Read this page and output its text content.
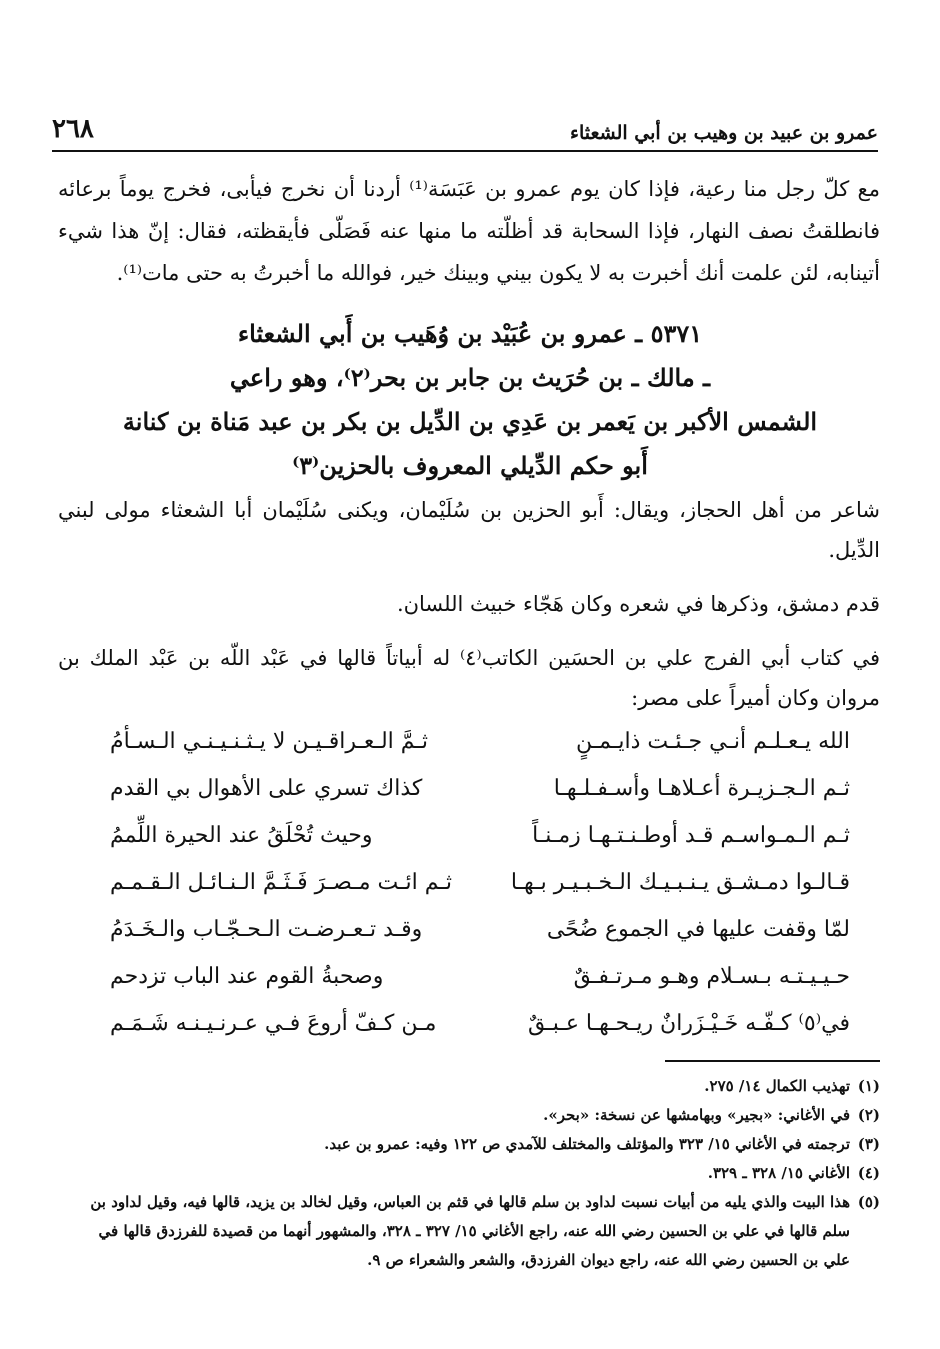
عمرو بن عبيد بن وهيب بن أبي الشعثاء
٢٦٨
مع كلّ رجل منا رعية، فإذا كان يوم عمرو بن عَبَسَة⁽¹⁾ أردنا أن نخرج فيأبى، فخرج يوماً برعائه فانطلقتُ نصف النهار، فإذا السحابة قد أظلّته ما منها عنه فَصَلّى فأيقظته، فقال: إنّ هذا شيء أتينابه، لئن علمت أنك أخبرت به لا يكون بيني وبينك خير، فوالله ما أخبرتُ به حتى مات⁽¹⁾.
٥٣٧١ ـ عمرو بن عُبَيْد بن وُهَيب بن أَبي الشعثاء
ـ مالك ـ بن حُرَيث بن جابر بن بحر⁽٢⁾، وهو راعي
الشمس الأكبر بن يَعمر بن عَدِي بن الدِّيل بن بكر بن عبد مَناة بن كنانة
أَبو حكم الدِّيلي المعروف بالحزين⁽٣⁾

شاعر من أهل الحجاز، ويقال: أَبو الحزين بن سُلَيْمان، ويكنى سُلَيْمان أبا الشعثاء مولى لبني الدِّيل.

قدم دمشق، وذكرها في شعره وكان هَجّاء خبيث اللسان.

في كتاب أبي الفرج علي بن الحسَين الكاتب⁽٤⁾ له أبياتاً قالها في عَبْد اللّه بن عَبْد الملك بن مروان وكان أميراً على مصر:

الله يـعـلـم أنـي جـئـت ذايـمـنٍ
ثـمَّ الـعـراقـيـن لا يـثـنـيـنـي الـسـأمُ
ثـم الـجـزيـرة أعـلاهـا وأسـفـلـهـا
كذاك تسري على الأهوال بي القدم
ثـم الـمـواسـم قـد أوطـنـتـهـا زمـنـاً
وحيث تُحْلَقُ عند الحيرة اللِّممُ
قـالـوا دمـشـق يـنـبـيـك الـخـبـيـر بـهـا
ثـم ائـت مـصـرَ فَـثَـمَّ الـنـائـل الـقـمـم
لمّا وقفت عليها في الجموع ضُحًى
وقـد تـعـرضـت الـحـجّـاب والـخَـدَمُ
حـيـيـتـه بـسـلام وهـو مـرتـفـقٌ
وصحبةُ القوم عند الباب تزدحم
في⁽٥⁾ كـفّـه خَـيْـزَرانٌ ريـحـهـا عـبـقٌ
مـن كـفّ أروعَ فـي عـرنـيـنـه شَـمَـم
(١)
تهذيب الكمال ١٤/ ٢٧٥.
(٢)
في الأغاني: «بجير» وبهامشها عن نسخة: «بحر».
(٣)
ترجمته في الأغاني ١٥/ ٣٢٣ والمؤتلف والمختلف للآمدي ص ١٢٢ وفيه: عمرو بن عبد.
(٤)
الأغاني ١٥/ ٣٢٨ ـ ٣٢٩.
(٥)
هذا البيت والذي يليه من أبيات نسبت لداود بن سلم قالها في قثم بن العباس، وقيل لخالد بن يزيد، قالها فيه، وقيل لداود بن سلم قالها في علي بن الحسين رضي الله عنه، راجع الأغاني ١٥/ ٣٢٧ ـ ٣٢٨، والمشهور أنهما من قصيدة للفرزدق قالها في علي بن الحسين رضي الله عنه، راجع ديوان الفرزدق، والشعر والشعراء ص ٩.
